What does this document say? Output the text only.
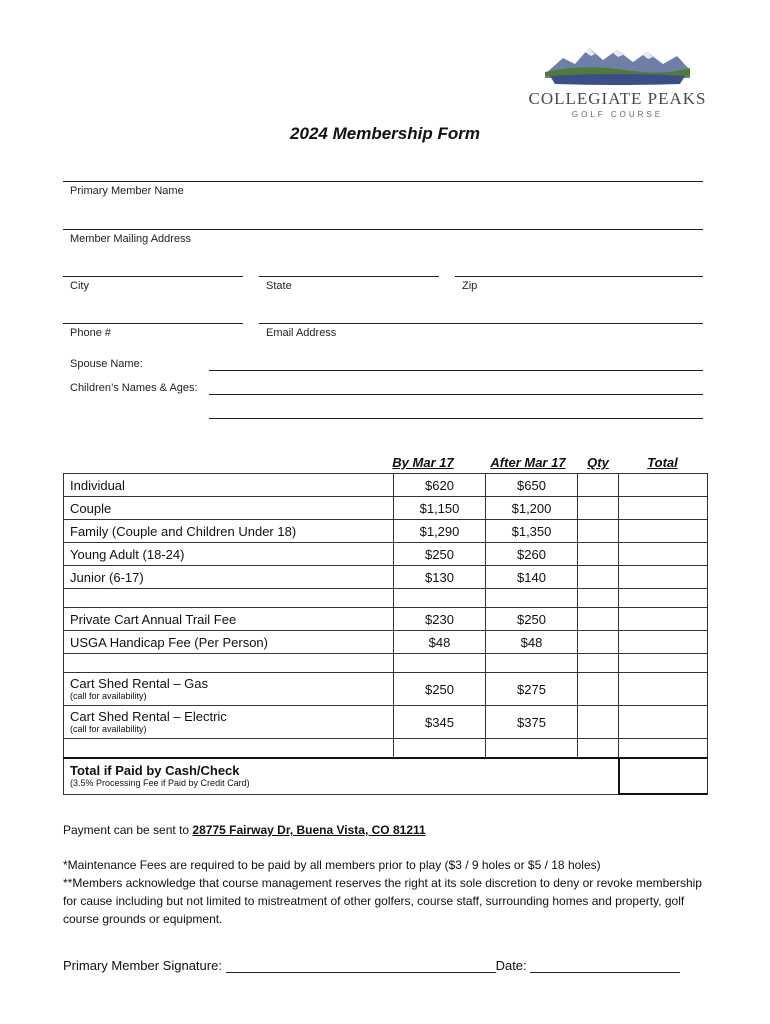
COLLEGIATE PEAKS
GOLF COURSE
2024 Membership Form
Primary Member Name
Member Mailing Address
City	State	Zip
Phone #	Email Address
Spouse Name:
Children’s Names & Ages:
By Mar 17	After Mar 17	Qty	Total
Individual	$620	$650		
Couple	$1,150	$1,200		
Family (Couple and Children Under 18)	$1,290	$1,350		
Young Adult (18-24)	$250	$260		
Junior (6-17)	$130	$140		

Private Cart Annual Trail Fee	$230	$250		
USGA Handicap Fee (Per Person)	$48	$48		

Cart Shed Rental – Gas
(call for availability)	$250	$275		
Cart Shed Rental – Electric
(call for availability)	$345	$375		

Total if Paid by Cash/Check
(3.5% Processing Fee if Paid by Credit Card)				

Payment can be sent to 28775 Fairway Dr, Buena Vista, CO 81211
*Maintenance Fees are required to be paid by all members prior to play ($3 / 9 holes or $5 / 18 holes)
**Members acknowledge that course management reserves the right at its sole discretion to deny or revoke membership for cause including but not limited to mistreatment of other golfers, course staff, surrounding homes and property, golf course grounds or equipment.
Primary Member Signature:	Date:
